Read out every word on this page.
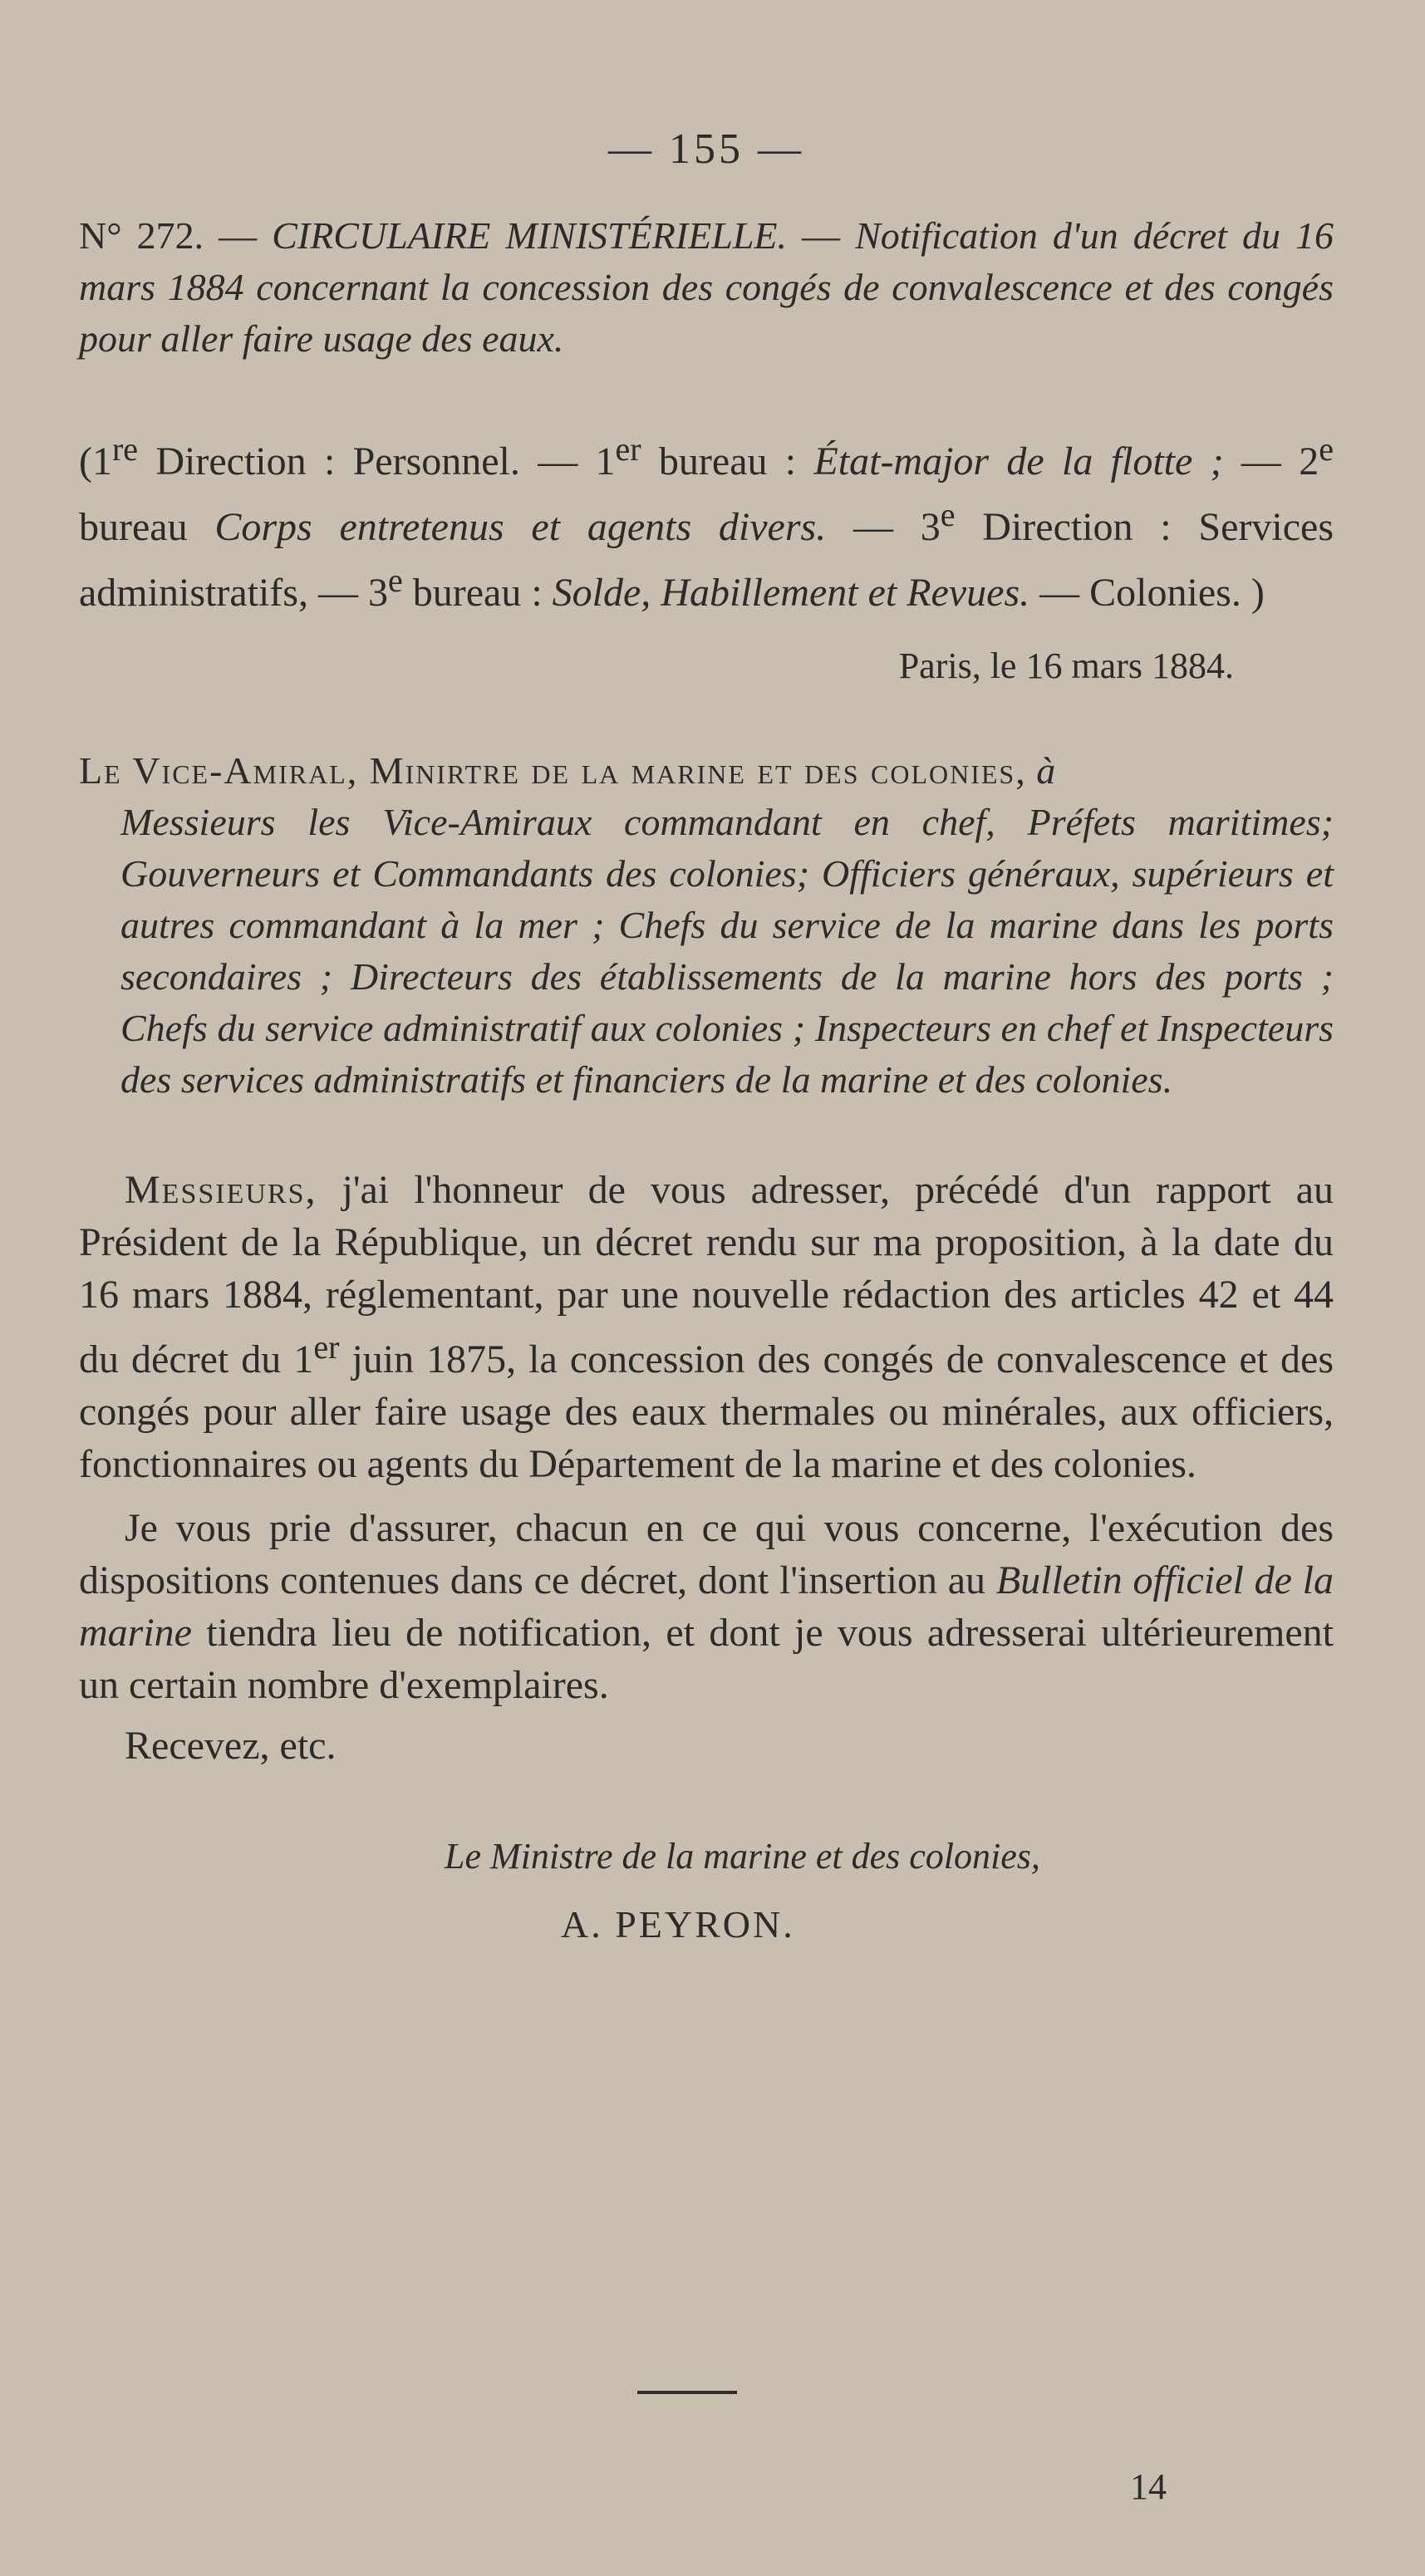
— 155 —

N° 272. — CIRCULAIRE MINISTÉRIELLE. — Notification d'un décret du 16 mars 1884 concernant la concession des congés de convalescence et des congés pour aller faire usage des eaux.

(1re Direction : Personnel. — 1er bureau : État-major de la flotte ; — 2e bureau Corps entretenus et agents divers. — 3e Direction : Services administratifs, — 3e bureau : Solde, Habillement et Revues. — Colonies. )

Paris, le 16 mars 1884.

Le Vice-Amiral, Minirtre de la marine et des colonies, à
Messieurs les Vice-Amiraux commandant en chef, Préfets maritimes; Gouverneurs et Commandants des colonies; Officiers généraux, supérieurs et autres commandant à la mer ; Chefs du service de la marine dans les ports secondaires ; Directeurs des établissements de la marine hors des ports ; Chefs du service administratif aux colonies ; Inspecteurs en chef et Inspecteurs des services administratifs et financiers de la marine et des colonies.

Messieurs, j'ai l'honneur de vous adresser, précédé d'un rapport au Président de la République, un décret rendu sur ma proposition, à la date du 16 mars 1884, réglementant, par une nouvelle rédaction des articles 42 et 44 du décret du 1er juin 1875, la concession des congés de convalescence et des congés pour aller faire usage des eaux thermales ou minérales, aux officiers, fonctionnaires ou agents du Département de la marine et des colonies.

Je vous prie d'assurer, chacun en ce qui vous concerne, l'exécution des dispositions contenues dans ce décret, dont l'insertion au Bulletin officiel de la marine tiendra lieu de notification, et dont je vous adresserai ultérieurement un certain nombre d'exemplaires.

Recevez, etc.
Le Ministre de la marine et des colonies,
A. PEYRON.
14
